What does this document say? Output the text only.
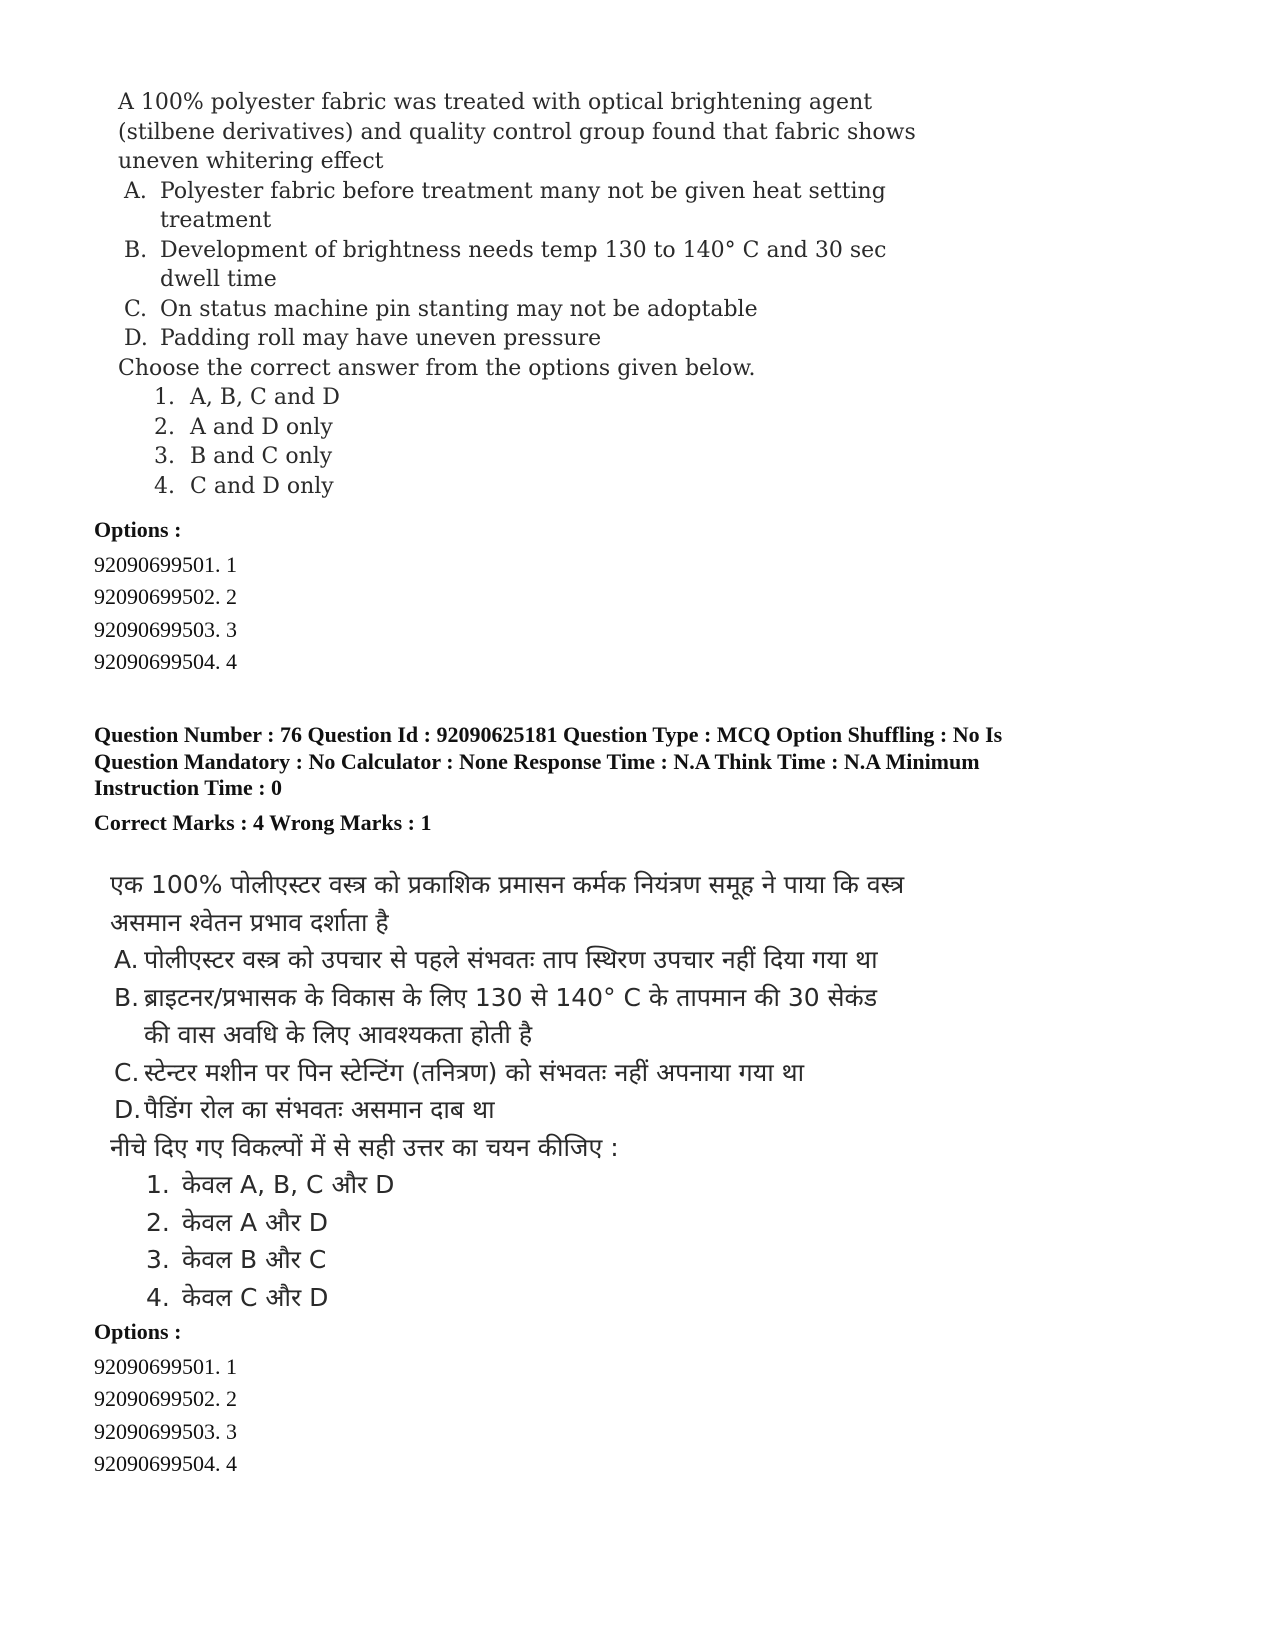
A 100% polyester fabric was treated with optical brightening agent

(stilbene derivatives) and quality control group found that fabric shows

uneven whitering effect

A. Polyester fabric before treatment many not be given heat setting treatment
B. Development of brightness needs temp 130 to 140° C and 30 sec dwell time
C. On status machine pin stanting may not be adoptable
D. Padding roll may have uneven pressure

Choose the correct answer from the options given below.

1. A, B, C and D
2. A and D only
3. B and C only
4. C and D only

Options :

92090699501. 1

92090699502. 2

92090699503. 3

92090699504. 4

Question Number : 76 Question Id : 92090625181 Question Type : MCQ Option Shuffling : No Is

Question Mandatory : No Calculator : None Response Time : N.A Think Time : N.A Minimum

Instruction Time : 0

Correct Marks : 4 Wrong Marks : 1

एक 100% पोलीएस्टर वस्त्र को प्रकाशिक प्रमासन कर्मक नियंत्रण समूह ने पाया कि वस्त्र

असमान श्वेतन प्रभाव दर्शाता है

A. पोलीएस्टर वस्त्र को उपचार से पहले संभवतः ताप स्थिरण उपचार नहीं दिया गया था
B. ब्राइटनर/प्रभासक के विकास के लिए 130 से 140° C के तापमान की 30 सेकंड की वास अवधि के लिए आवश्यकता होती है
C. स्टेन्टर मशीन पर पिन स्टेन्टिंग (तनित्रण) को संभवतः नहीं अपनाया गया था
D. पैडिंग रोल का संभवतः असमान दाब था

नीचे दिए गए विकल्पों में से सही उत्तर का चयन कीजिए :

1. केवल A, B, C और D
2. केवल A और D
3. केवल B और C
4. केवल C और D

Options :

92090699501. 1

92090699502. 2

92090699503. 3

92090699504. 4
